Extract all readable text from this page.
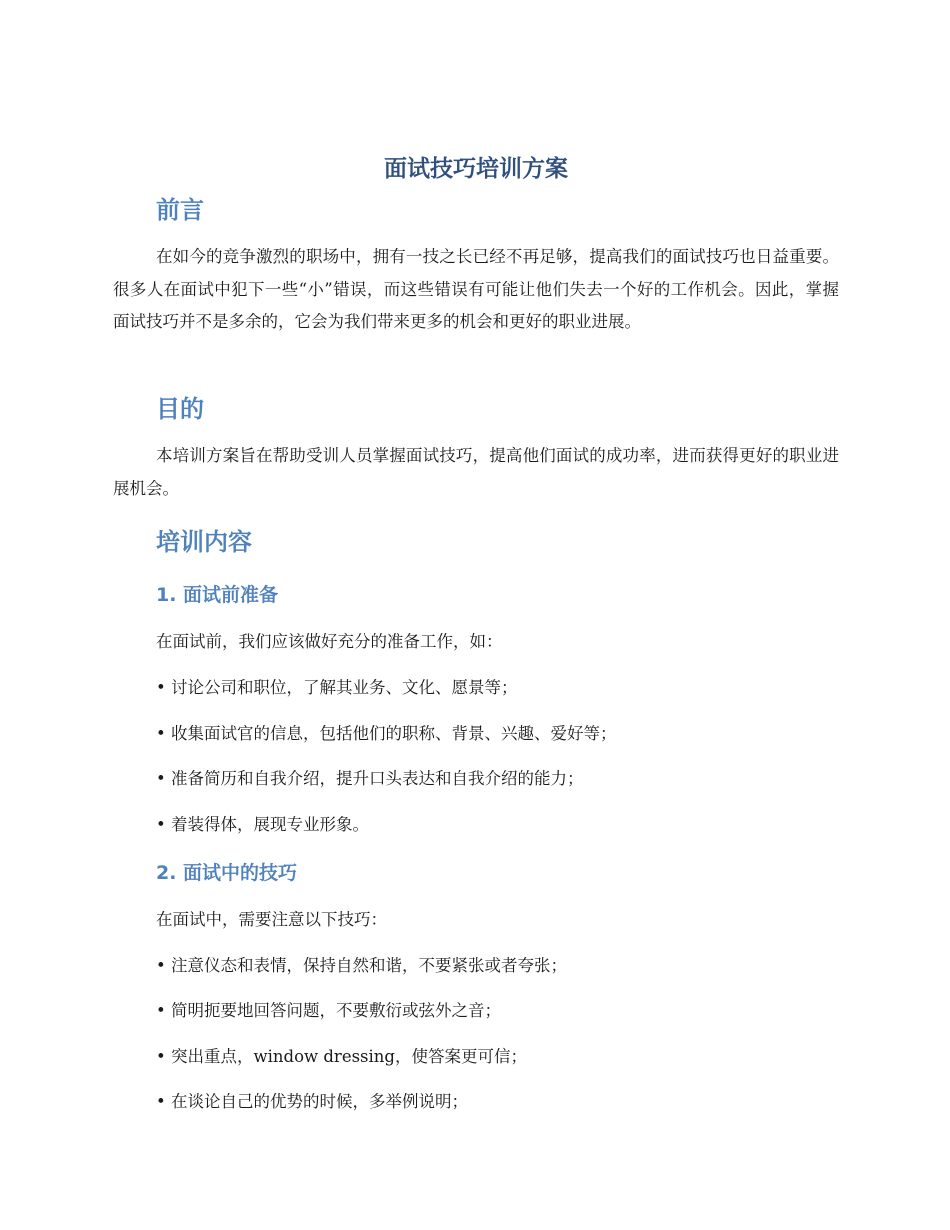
面试技巧培训方案
前言

在如今的竞争激烈的职场中，拥有一技之长已经不再足够，提高我们的面试技巧也日益重要。很多人在面试中犯下一些“小”错误，而这些错误有可能让他们失去一个好的工作机会。因此，掌握面试技巧并不是多余的，它会为我们带来更多的机会和更好的职业进展。

目的

本培训方案旨在帮助受训人员掌握面试技巧，提高他们面试的成功率，进而获得更好的职业进展机会。

培训内容
1. 面试前准备

在面试前，我们应该做好充分的准备工作，如：

• 讨论公司和职位，了解其业务、文化、愿景等；

• 收集面试官的信息，包括他们的职称、背景、兴趣、爱好等；

• 准备简历和自我介绍，提升口头表达和自我介绍的能力；

• 着装得体，展现专业形象。

2. 面试中的技巧

在面试中，需要注意以下技巧：

• 注意仪态和表情，保持自然和谐，不要紧张或者夸张；

• 简明扼要地回答问题，不要敷衍或弦外之音；

• 突出重点，window dressing，使答案更可信；

• 在谈论自己的优势的时候，多举例说明；
